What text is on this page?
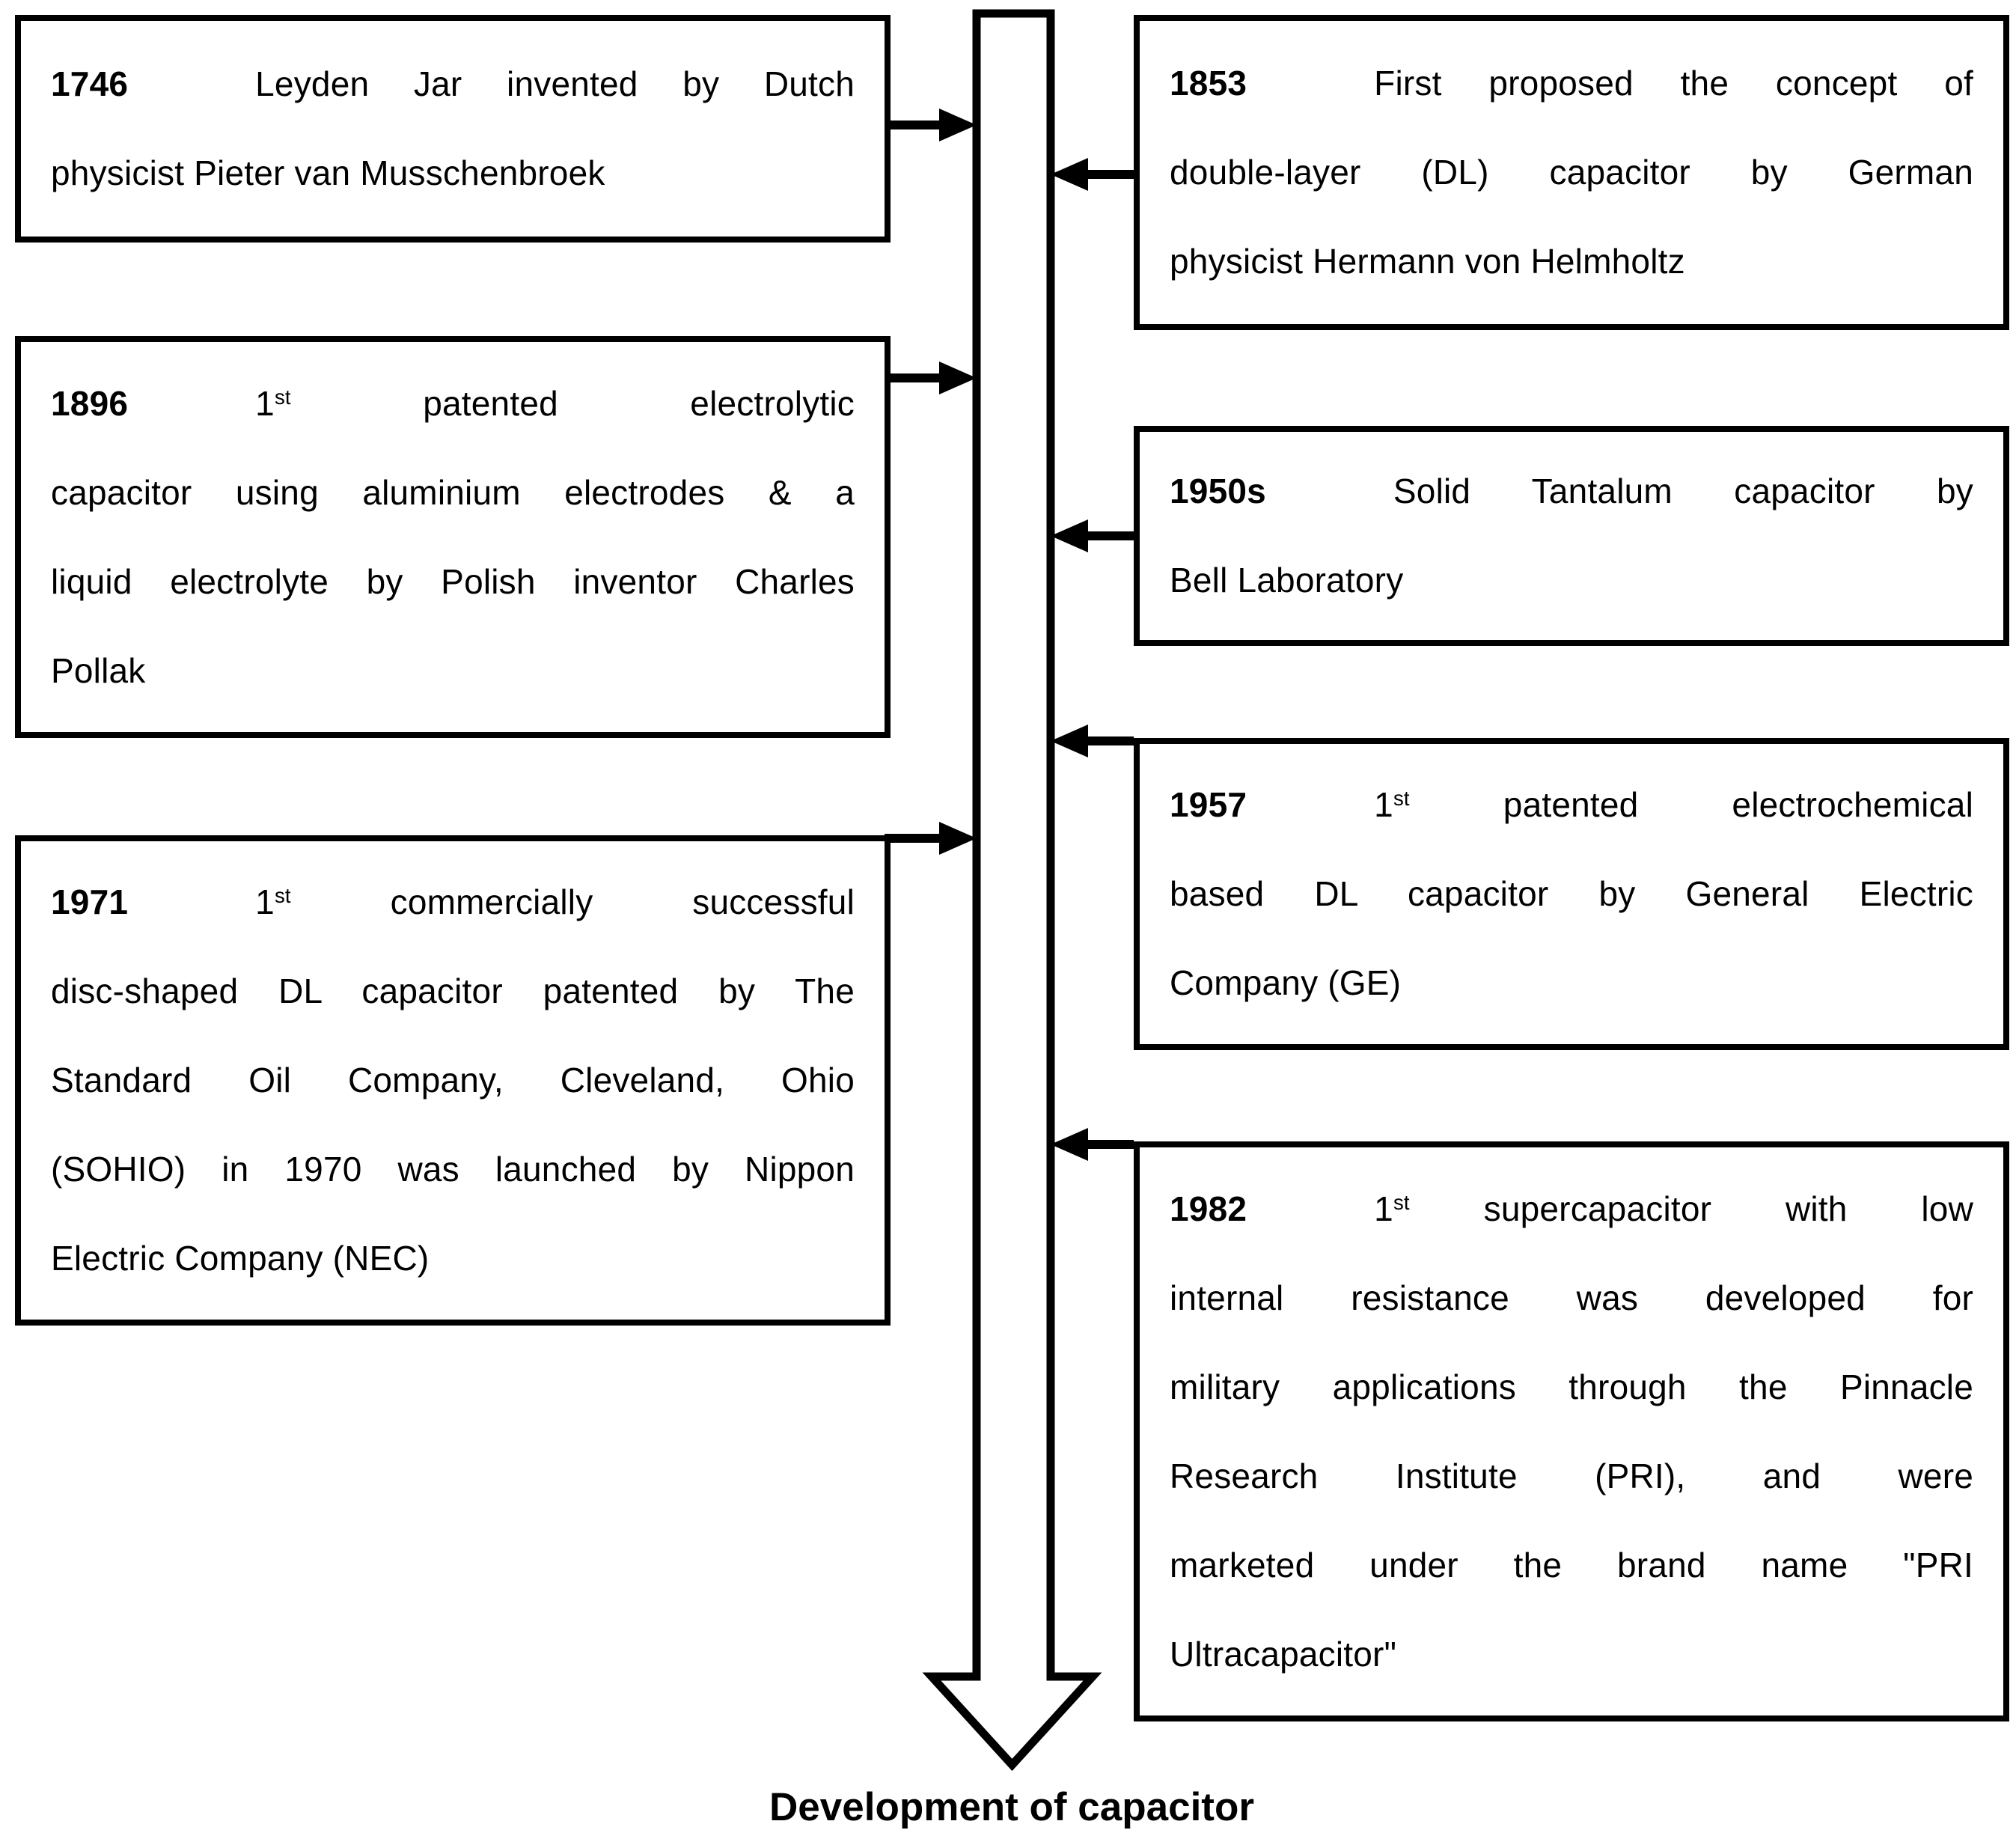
1746	Leyden Jar invented by Dutch
physicist Pieter van Musschenbroek
1896	1st patented electrolytic
capacitor using aluminium electrodes & a
liquid electrolyte by Polish inventor Charles
Pollak
1971	1st commercially successful
disc-shaped DL capacitor patented by The
Standard Oil Company, Cleveland, Ohio
(SOHIO) in 1970 was launched by Nippon
Electric Company (NEC)
1853	First proposed the concept of
double-layer (DL) capacitor by German
physicist Hermann von Helmholtz
1950s	Solid Tantalum capacitor by
Bell Laboratory
1957	1st patented electrochemical
based DL capacitor by General Electric
Company (GE)
1982	1st supercapacitor with low
internal resistance was developed for
military applications through the Pinnacle
Research Institute (PRI), and were
marketed under the brand name "PRI
Ultracapacitor"
Development of capacitor
